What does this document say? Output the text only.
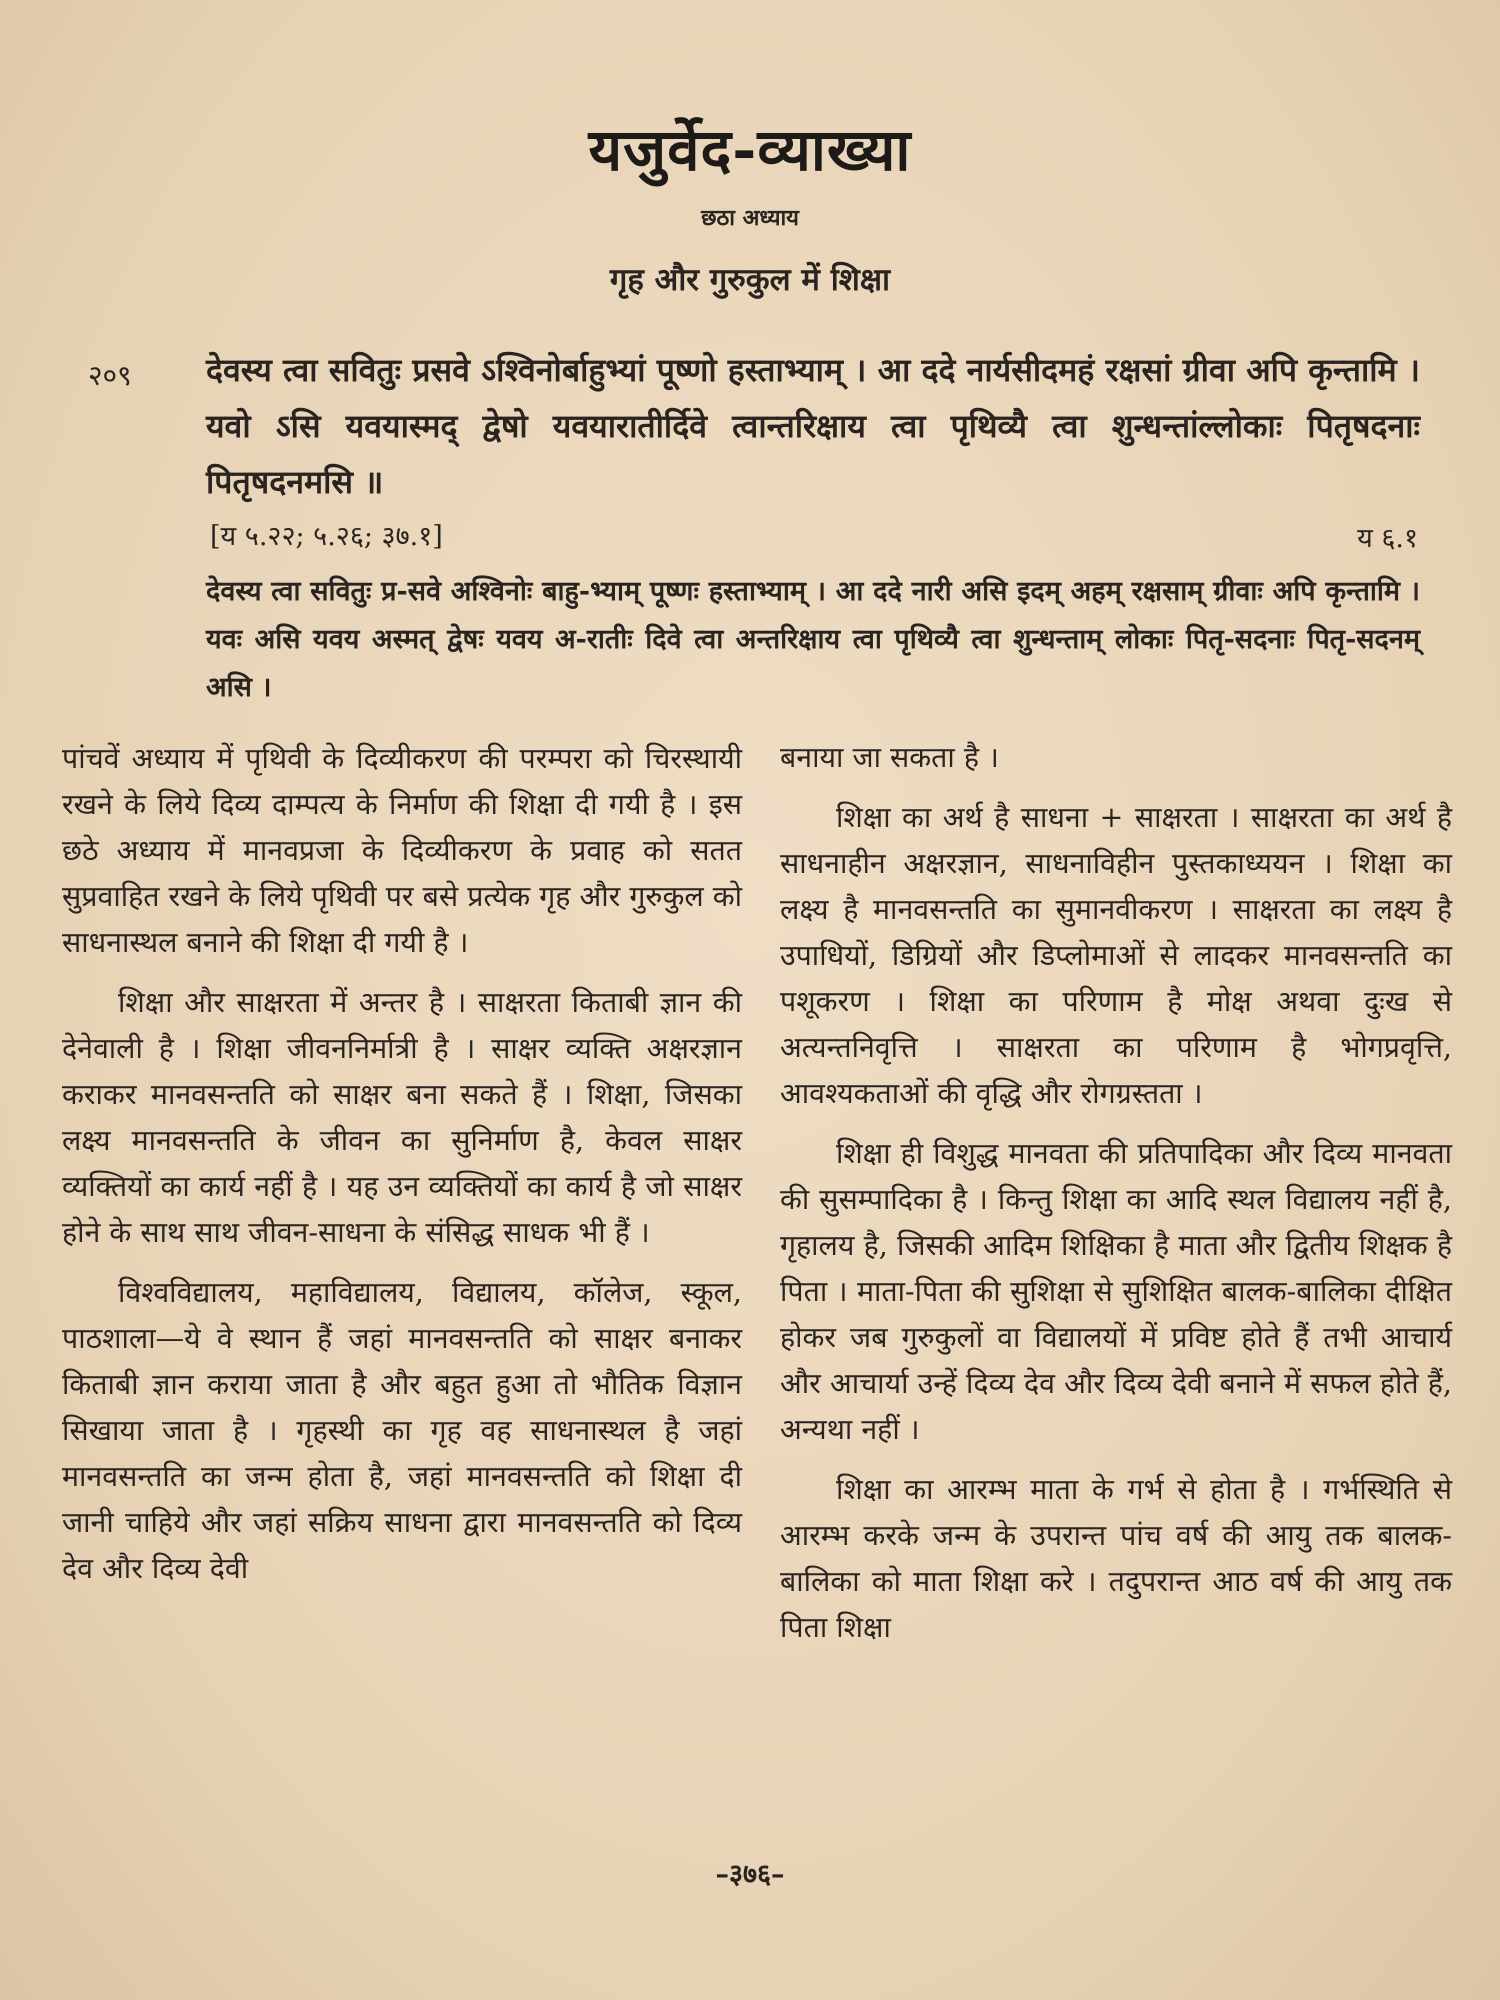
यजुर्वेद-व्याख्या
छठा अध्याय
गृह और गुरुकुल में शिक्षा
२०९ देवस्य त्वा सवितुः प्रसवे ऽश्विनोर्बाहुभ्यां पूष्णो हस्ताभ्याम् । आ ददे नार्यसीदमहं रक्षसां ग्रीवा अपि कृन्तामि । यवो ऽसि यवयास्मद् द्वेषो यवयारातीर्दिवे त्वान्तरिक्षाय त्वा पृथिव्यै त्वा शुन्धन्तांल्लोकाः पितृषदनाः पितृषदनमसि ॥
[य ५.२२; ५.२६; ३७.१]	य ६.१
देवस्य त्वा सवितुः प्र-सवे अश्विनोः बाहु-भ्याम् पूष्णः हस्ताभ्याम् । आ ददे नारी असि इदम् अहम् रक्षसाम् ग्रीवाः अपि कृन्तामि । यवः असि यवय अस्मत् द्वेषः यवय अ-रातीः दिवे त्वा अन्तरिक्षाय त्वा पृथिव्यै त्वा शुन्धन्ताम् लोकाः पितृ-सदनाः पितृ-सदनम् असि ।

पांचवें अध्याय में पृथिवी के दिव्यीकरण की परम्परा को चिरस्थायी रखने के लिये दिव्य दाम्पत्य के निर्माण की शिक्षा दी गयी है । इस छठे अध्याय में मानवप्रजा के दिव्यीकरण के प्रवाह को सतत सुप्रवाहित रखने के लिये पृथिवी पर बसे प्रत्येक गृह और गुरुकुल को साधनास्थल बनाने की शिक्षा दी गयी है ।

शिक्षा और साक्षरता में अन्तर है । साक्षरता किताबी ज्ञान की देनेवाली है । शिक्षा जीवननिर्मात्री है । साक्षर व्यक्ति अक्षरज्ञान कराकर मानवसन्तति को साक्षर बना सकते हैं । शिक्षा, जिसका लक्ष्य मानवसन्तति के जीवन का सुनिर्माण है, केवल साक्षर व्यक्तियों का कार्य नहीं है । यह उन व्यक्तियों का कार्य है जो साक्षर होने के साथ साथ जीवन-साधना के संसिद्ध साधक भी हैं ।

विश्वविद्यालय, महाविद्यालय, विद्यालय, कॉलेज, स्कूल, पाठशाला—ये वे स्थान हैं जहां मानवसन्तति को साक्षर बनाकर किताबी ज्ञान कराया जाता है और बहुत हुआ तो भौतिक विज्ञान सिखाया जाता है । गृहस्थी का गृह वह साधनास्थल है जहां मानवसन्तति का जन्म होता है, जहां मानवसन्तति को शिक्षा दी जानी चाहिये और जहां सक्रिय साधना द्वारा मानवसन्तति को दिव्य देव और दिव्य देवी

बनाया जा सकता है ।

शिक्षा का अर्थ है साधना + साक्षरता । साक्षरता का अर्थ है साधनाहीन अक्षरज्ञान, साधनाविहीन पुस्तकाध्ययन । शिक्षा का लक्ष्य है मानवसन्तति का सुमानवीकरण । साक्षरता का लक्ष्य है उपाधियों, डिग्रियों और डिप्लोमाओं से लादकर मानवसन्तति का पशूकरण । शिक्षा का परिणाम है मोक्ष अथवा दुःख से अत्यन्तनिवृत्ति । साक्षरता का परिणाम है भोगप्रवृत्ति, आवश्यकताओं की वृद्धि और रोगग्रस्तता ।

शिक्षा ही विशुद्ध मानवता की प्रतिपादिका और दिव्य मानवता की सुसम्पादिका है । किन्तु शिक्षा का आदि स्थल विद्यालय नहीं है, गृहालय है, जिसकी आदिम शिक्षिका है माता और द्वितीय शिक्षक है पिता । माता-पिता की सुशिक्षा से सुशिक्षित बालक-बालिका दीक्षित होकर जब गुरुकुलों वा विद्यालयों में प्रविष्ट होते हैं तभी आचार्य और आचार्या उन्हें दिव्य देव और दिव्य देवी बनाने में सफल होते हैं, अन्यथा नहीं ।

शिक्षा का आरम्भ माता के गर्भ से होता है । गर्भस्थिति से आरम्भ करके जन्म के उपरान्त पांच वर्ष की आयु तक बालक-बालिका को माता शिक्षा करे । तदुपरान्त आठ वर्ष की आयु तक पिता शिक्षा

–३७६–
